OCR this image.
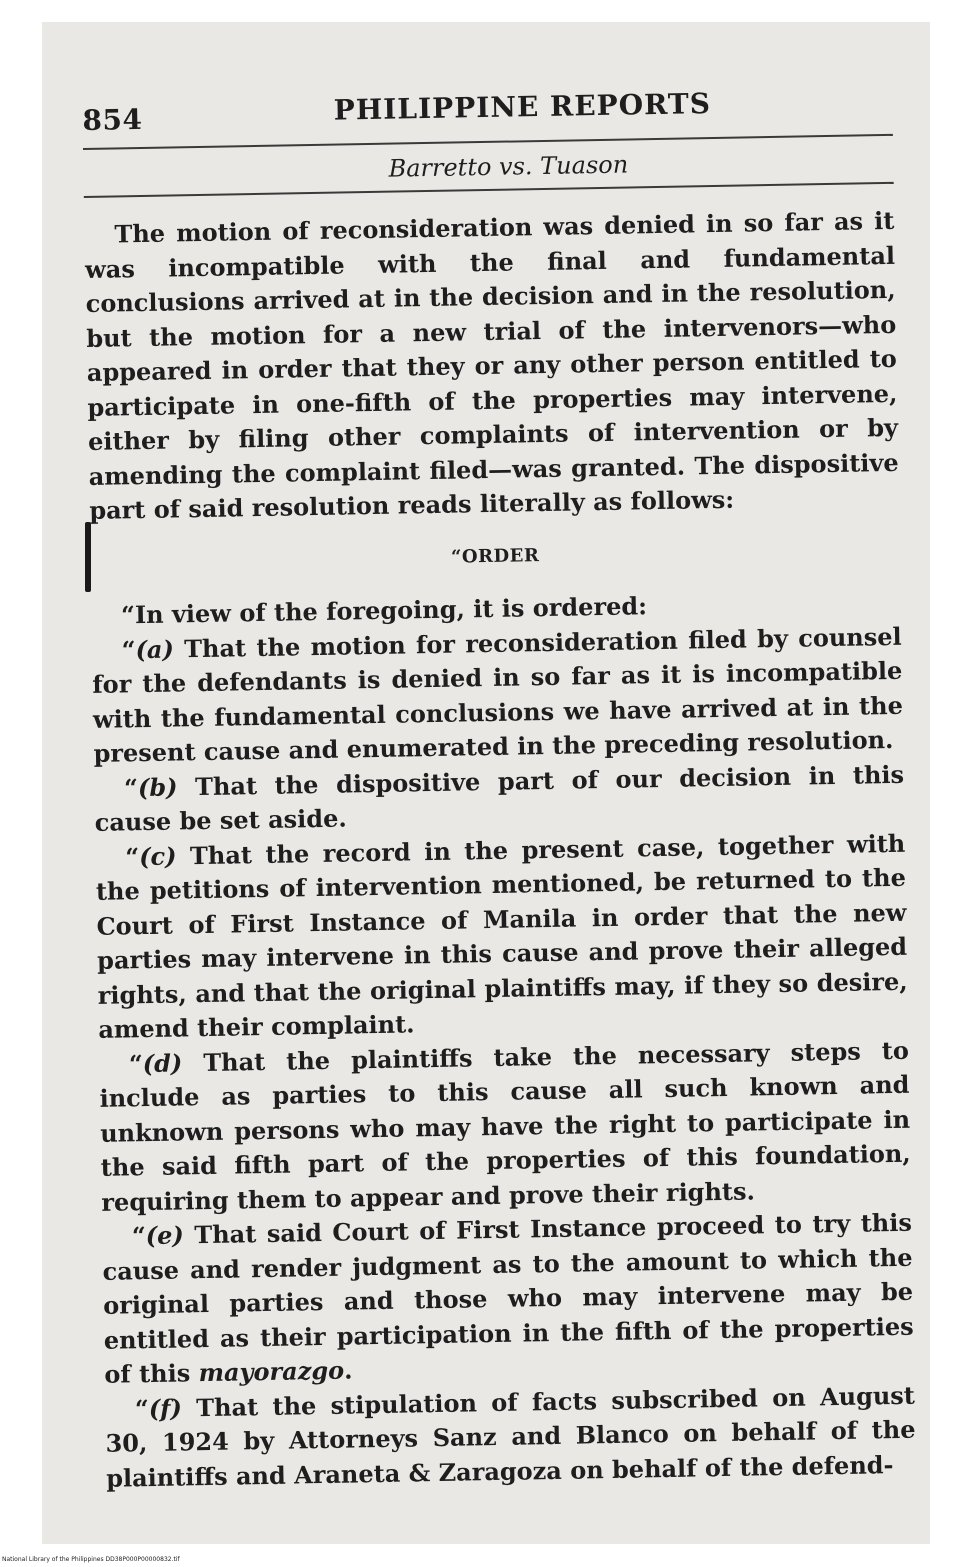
854	PHILIPPINE REPORTS
Barretto vs. Tuason

The motion of reconsideration was denied in so far as it was incompatible with the final and fundamental conclusions arrived at in the decision and in the resolution, but the motion for a new trial of the intervenors—who appeared in order that they or any other person entitled to participate in one-fifth of the properties may intervene, either by filing other complaints of intervention or by amending the complaint filed—was granted. The dispositive part of said resolution reads literally as follows:

“ORDER

“In view of the foregoing, it is ordered:

“(a) That the motion for reconsideration filed by counsel for the defendants is denied in so far as it is incompatible with the fundamental conclusions we have arrived at in the present cause and enumerated in the preceding resolution.

“(b) That the dispositive part of our decision in this cause be set aside.

“(c) That the record in the present case, together with the petitions of intervention mentioned, be returned to the Court of First Instance of Manila in order that the new parties may intervene in this cause and prove their alleged rights, and that the original plaintiffs may, if they so desire, amend their complaint.

“(d) That the plaintiffs take the necessary steps to include as parties to this cause all such known and unknown persons who may have the right to participate in the said fifth part of the properties of this foundation, requiring them to appear and prove their rights.

“(e) That said Court of First Instance proceed to try this cause and render judgment as to the amount to which the original parties and those who may intervene may be entitled as their participation in the fifth of the properties of this mayorazgo.

“(f) That the stipulation of facts subscribed on August 30, 1924 by Attorneys Sanz and Blanco on behalf of the plaintiffs and Araneta & Zaragoza on behalf of the defend-

National Library of the Philippines DD38P000P00000832.tif
